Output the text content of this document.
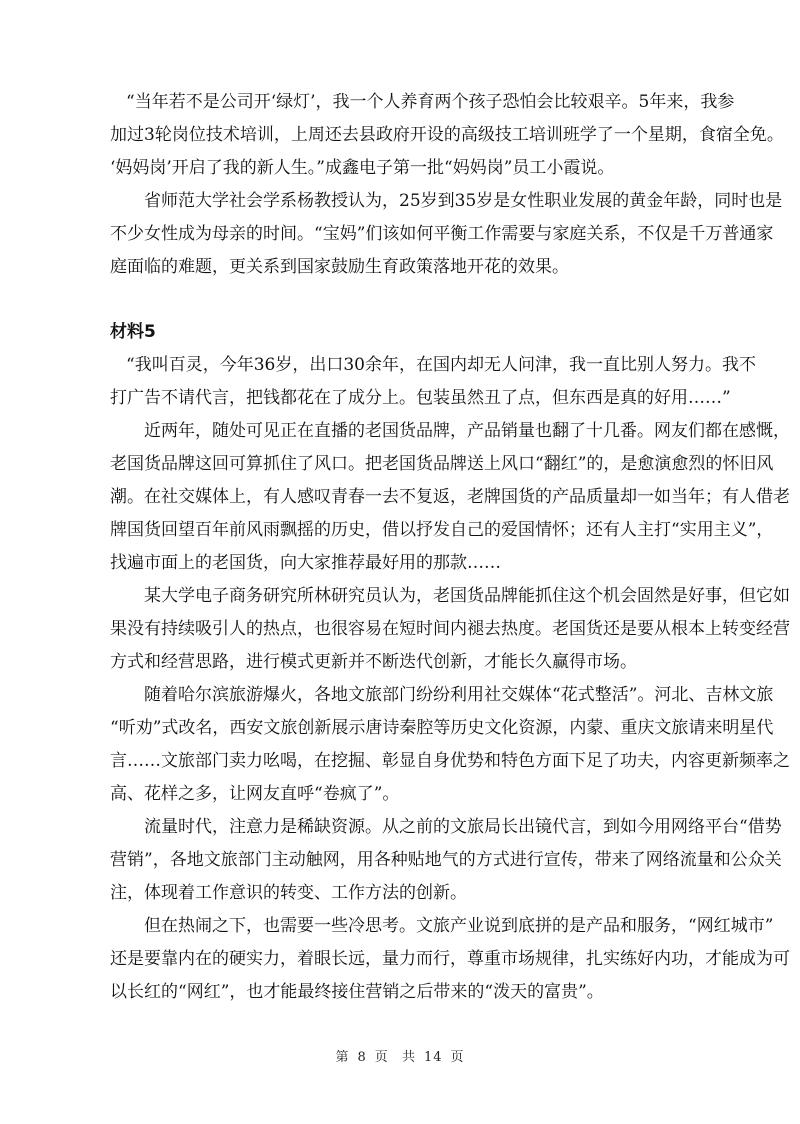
“当年若不是公司开‘绿灯’，我一个人养育两个孩子恐怕会比较艰辛。5年来，我参
加过3轮岗位技术培训，上周还去县政府开设的高级技工培训班学了一个星期，食宿全免。
‘妈妈岗’开启了我的新人生。”成鑫电子第一批“妈妈岗”员工小霞说。

省师范大学社会学系杨教授认为，25岁到35岁是女性职业发展的黄金年龄，同时也是
不少女性成为母亲的时间。“宝妈”们该如何平衡工作需要与家庭关系，不仅是千万普通家
庭面临的难题，更关系到国家鼓励生育政策落地开花的效果。

材料5

“我叫百灵，今年36岁，出口30余年，在国内却无人问津，我一直比别人努力。我不
打广告不请代言，把钱都花在了成分上。包装虽然丑了点，但东西是真的好用……”

近两年，随处可见正在直播的老国货品牌，产品销量也翻了十几番。网友们都在感慨，
老国货品牌这回可算抓住了风口。把老国货品牌送上风口“翻红”的，是愈演愈烈的怀旧风
潮。在社交媒体上，有人感叹青春一去不复返，老牌国货的产品质量却一如当年；有人借老
牌国货回望百年前风雨飘摇的历史，借以抒发自己的爱国情怀；还有人主打“实用主义”，
找遍市面上的老国货，向大家推荐最好用的那款……

某大学电子商务研究所林研究员认为，老国货品牌能抓住这个机会固然是好事，但它如
果没有持续吸引人的热点，也很容易在短时间内褪去热度。老国货还是要从根本上转变经营
方式和经营思路，进行模式更新并不断迭代创新，才能长久赢得市场。

随着哈尔滨旅游爆火，各地文旅部门纷纷利用社交媒体“花式整活”。河北、吉林文旅
“听劝”式改名，西安文旅创新展示唐诗秦腔等历史文化资源，内蒙、重庆文旅请来明星代
言……文旅部门卖力吆喝，在挖掘、彰显自身优势和特色方面下足了功夫，内容更新频率之
高、花样之多，让网友直呼“卷疯了”。

流量时代，注意力是稀缺资源。从之前的文旅局长出镜代言，到如今用网络平台“借势
营销”，各地文旅部门主动触网，用各种贴地气的方式进行宣传，带来了网络流量和公众关
注，体现着工作意识的转变、工作方法的创新。

但在热闹之下，也需要一些冷思考。文旅产业说到底拼的是产品和服务，“网红城市”
还是要靠内在的硬实力，着眼长远，量力而行，尊重市场规律，扎实练好内功，才能成为可
以长红的“网红”，也才能最终接住营销之后带来的“泼天的富贵”。

第 8 页 共 14 页
